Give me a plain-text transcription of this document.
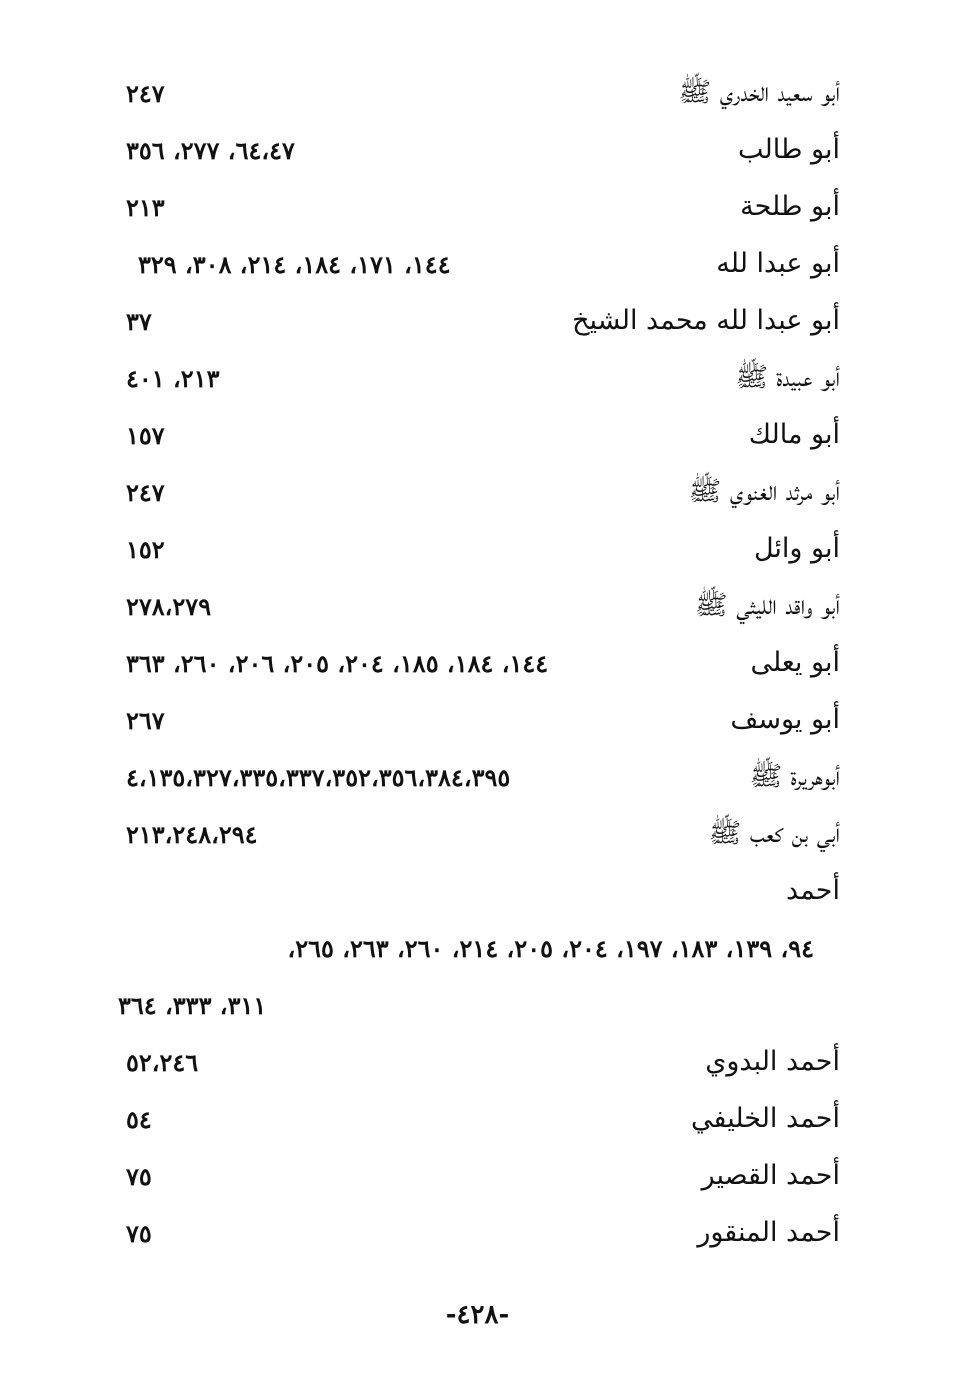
أبو سعيد الخدري ﷺ
٢٤٧
أبو طالب
٦٤،٤٧، ٢٧٧، ٣٥٦
أبو طلحة
٢١٣
أبو عبدا لله
١٤٤، ١٧١، ١٨٤، ٢١٤، ٣٠٨، ٣٢٩
أبو عبدا لله محمد الشيخ
٣٧
أبو عبيدة ﷺ
٢١٣، ٤٠١
أبو مالك
١٥٧
أبو مرثد الغنوي ﷺ
٢٤٧
أبو وائل
١٥٢
أبو واقد الليثي ﷺ
٢٧٨،٢٧٩
أبو يعلى
١٤٤، ١٨٤، ١٨٥، ٢٠٤، ٢٠٥، ٢٠٦، ٢٦٠، ٣٦٣
أبو يوسف
٢٦٧
أبوهريرة ﷺ
٤،١٣٥،٣٢٧،٣٣٥،٣٣٧،٣٥٢،٣٥٦،٣٨٤،٣٩٥
أبي بن كعب ﷺ
٢١٣،٢٤٨،٢٩٤
أحمد
٩٤، ١٣٩، ١٨٣، ١٩٧، ٢٠٤، ٢٠٥، ٢١٤، ٢٦٠، ٢٦٣، ٢٦٥،
٣١١، ٣٣٣، ٣٦٤
أحمد البدوي
٥٢،٢٤٦
أحمد الخليفي
٥٤
أحمد القصير
٧٥
أحمد المنقور
٧٥
-٤٢٨-
